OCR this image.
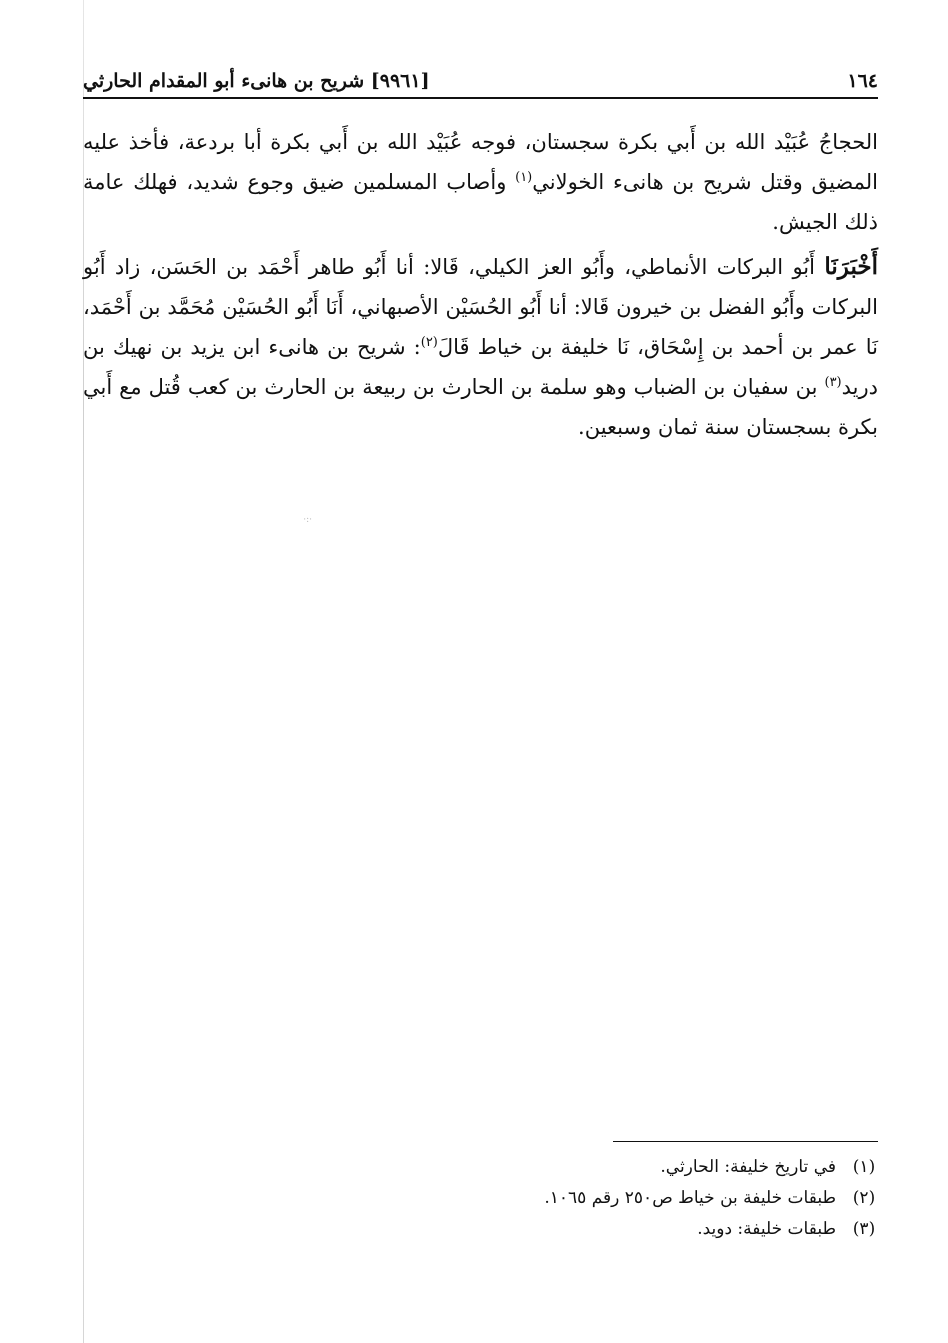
١٦٤
[٩٩٦١] شريح بن هانىء أبو المقدام الحارثي

الحجاجُ عُبَيْد الله بن أَبي بكرة سجستان، فوجه عُبَيْد الله بن أَبي بكرة أبا بردعة، فأخذ عليه المضيق وقتل شريح بن هانىء الخولاني$^{(١)}$ وأصاب المسلمين ضيق وجوع شديد، فهلك عامة ذلك الجيش.

أَخْبَرَنَا أَبُو البركات الأنماطي، وأَبُو العز الكيلي، قَالا: أنا أَبُو طاهر أَحْمَد بن الحَسَن، زاد أَبُو البركات وأَبُو الفضل بن خيرون قَالا: أنا أَبُو الحُسَيْن الأصبهاني، أَنَا أَبُو الحُسَيْن مُحَمَّد بن أَحْمَد، نَا عمر بن أحمد بن إِسْحَاق، نَا خليفة بن خياط قَالَ$^{(٢)}$: شريح بن هانىء ابن يزيد بن نهيك بن دريد$^{(٣)}$ بن سفيان بن الضباب وهو سلمة بن الحارث بن ربيعة بن الحارث بن كعب قُتل مع أَبي بكرة بسجستان سنة ثمان وسبعين.

·:·
(١)
في تاريخ خليفة: الحارثي.
(٢)
طبقات خليفة بن خياط ص٢٥٠ رقم ١٠٦٥.
(٣)
طبقات خليفة: دويد.
